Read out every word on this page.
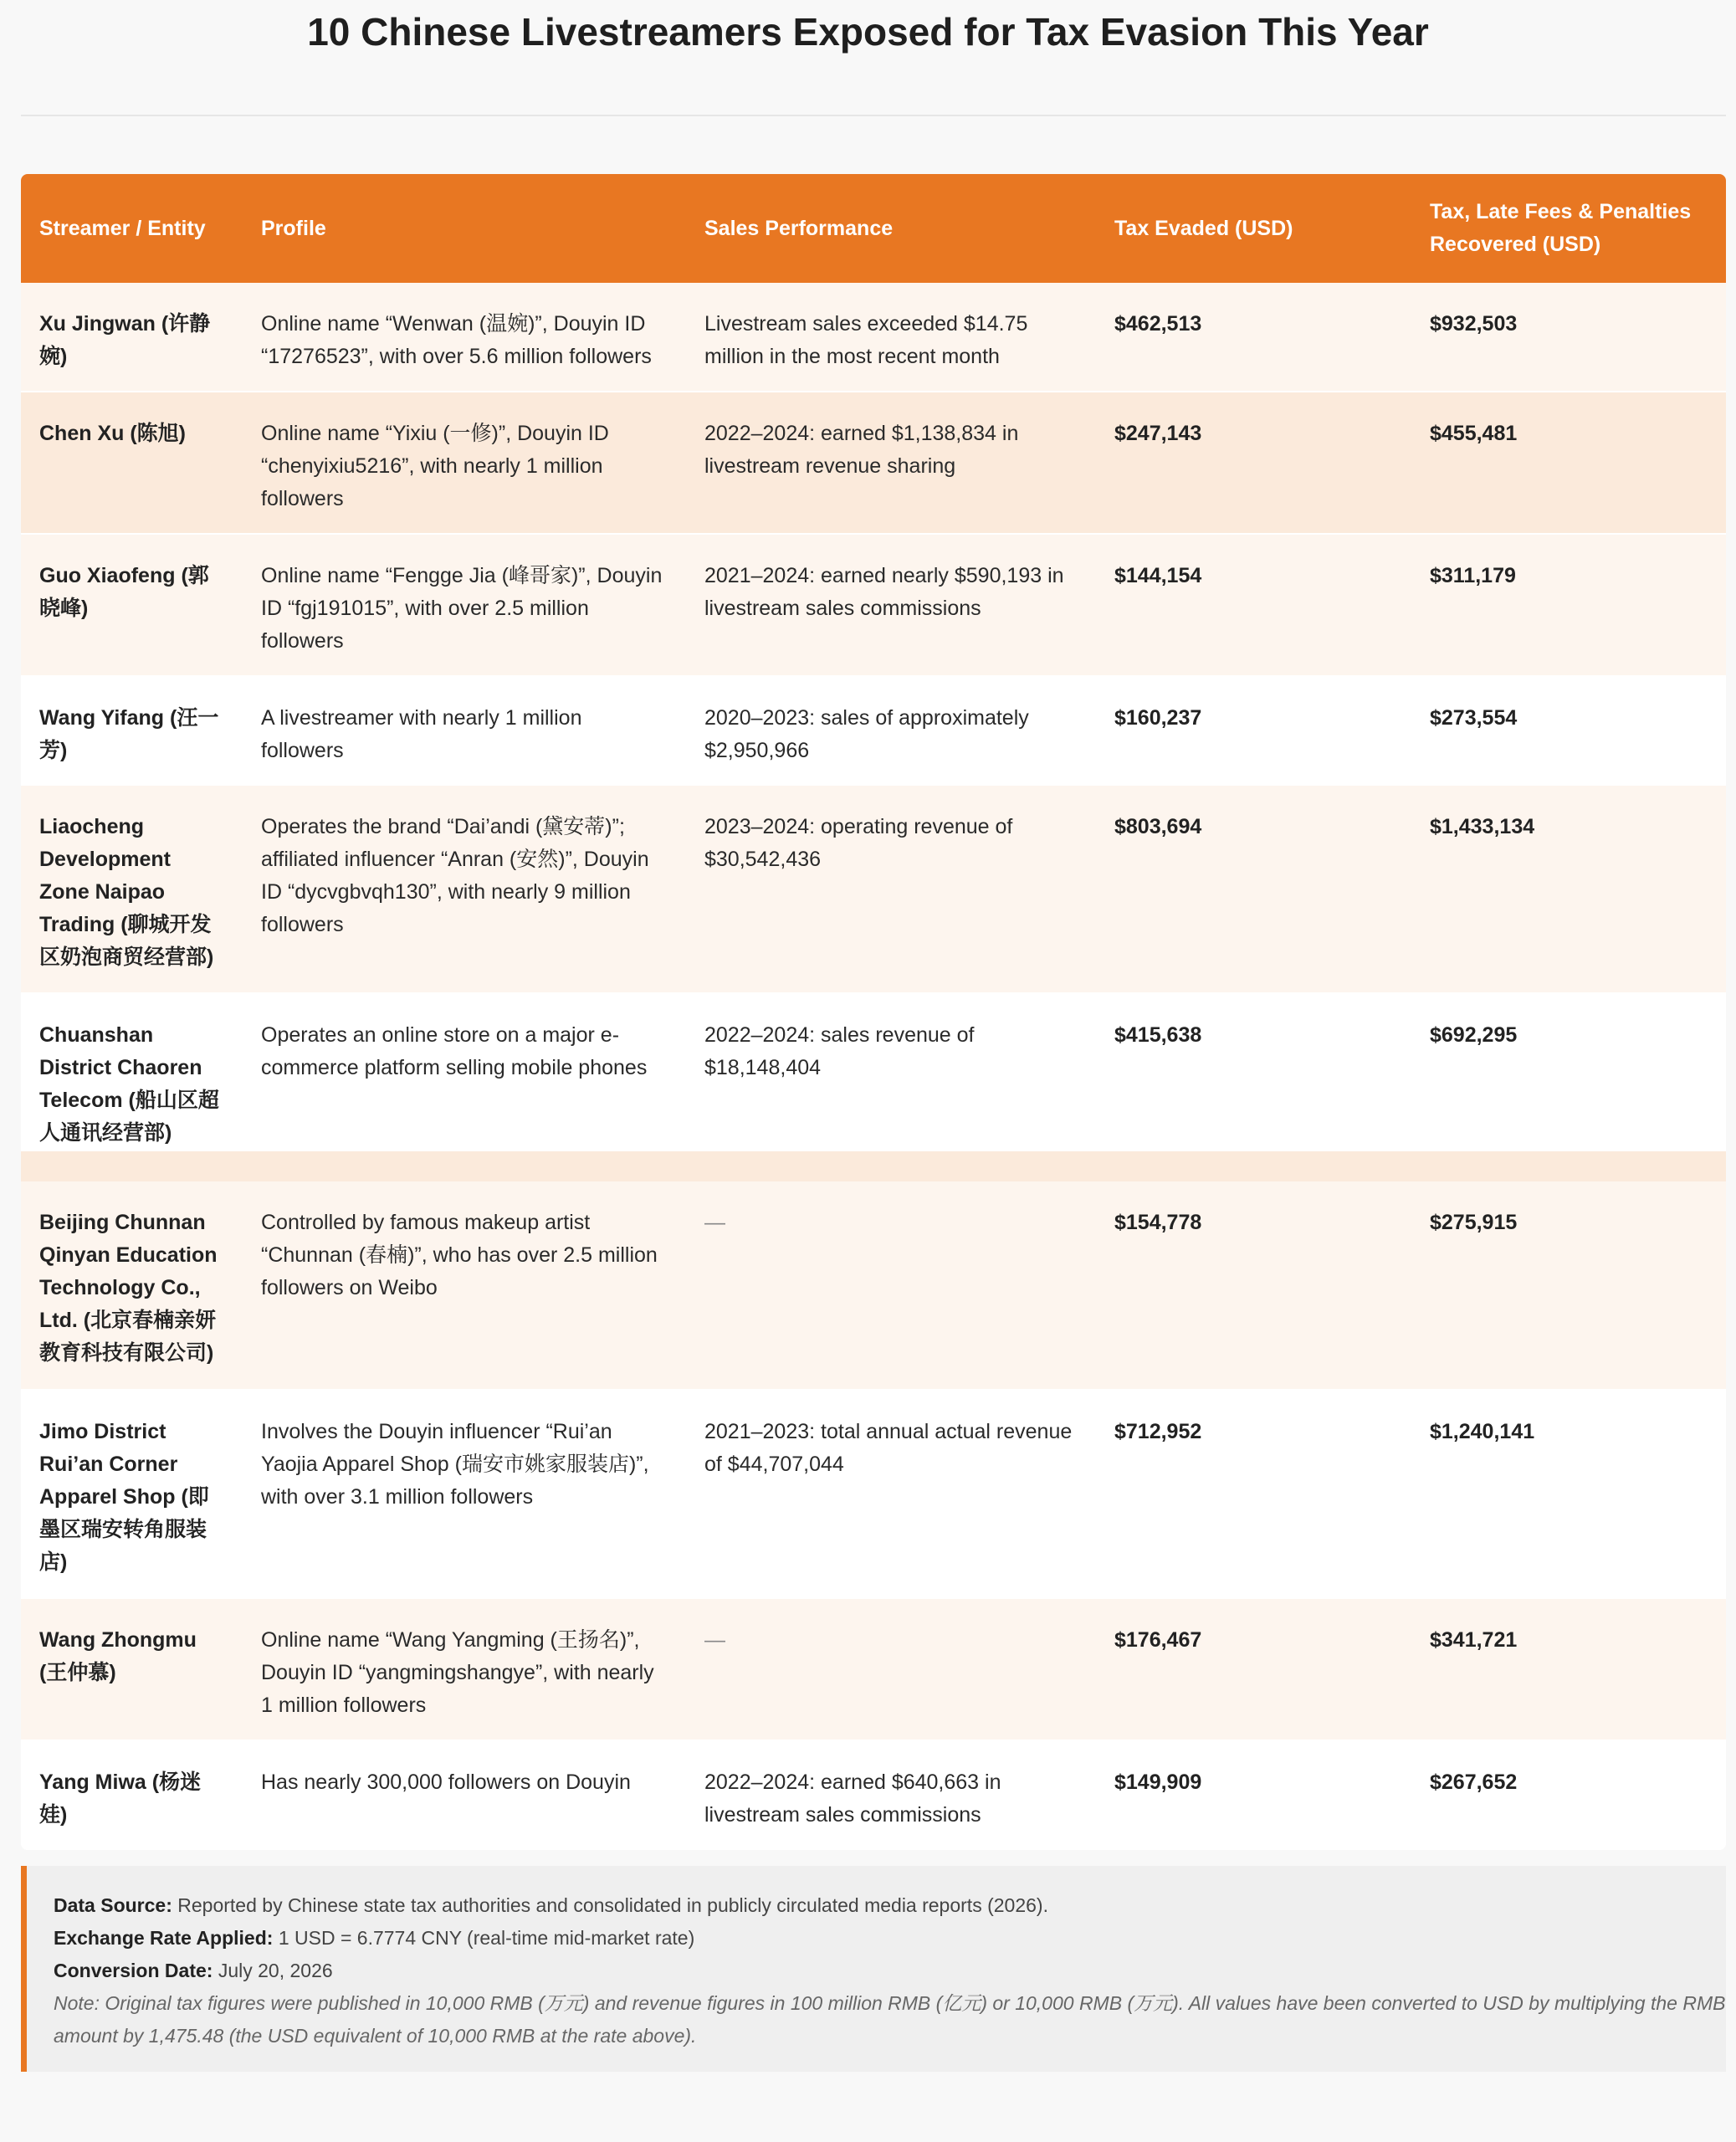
10 Chinese Livestreamers Exposed for Tax Evasion This Year
Streamer / Entity	Profile	Sales Performance	Tax Evaded (USD)	Tax, Late Fees & Penalties Recovered (USD)
Xu Jingwan (许静婉)	Online name “Wenwan (温婉)”, Douyin ID “17276523”, with over 5.6 million followers	Livestream sales exceeded $14.75 million in the most recent month	$462,513	$932,503
Chen Xu (陈旭)	Online name “Yixiu (一修)”, Douyin ID “chenyixiu5216”, with nearly 1 million followers	2022–2024: earned $1,138,834 in livestream revenue sharing	$247,143	$455,481
Guo Xiaofeng (郭晓峰)	Online name “Fengge Jia (峰哥家)”, Douyin ID “fgj191015”, with over 2.5 million followers	2021–2024: earned nearly $590,193 in livestream sales commissions	$144,154	$311,179
Wang Yifang (汪一芳)	A livestreamer with nearly 1 million followers	2020–2023: sales of approximately $2,950,966	$160,237	$273,554
Liaocheng Development Zone Naipao Trading (聊城开发区奶泡商贸经营部)	Operates the brand “Dai’andi (黛安蒂)”; affiliated influencer “Anran (安然)”, Douyin ID “dycvgbvqh130”, with nearly 9 million followers	2023–2024: operating revenue of $30,542,436	$803,694	$1,433,134
Chuanshan District Chaoren Telecom (船山区超人通讯经营部)	Operates an online store on a major e-commerce platform selling mobile phones	2022–2024: sales revenue of $18,148,404	$415,638	$692,295

Beijing Chunnan Qinyan Education Technology Co., Ltd. (北京春楠亲妍教育科技有限公司)	Controlled by famous makeup artist “Chunnan (春楠)”, who has over 2.5 million followers on Weibo	—	$154,778	$275,915
Jimo District Rui’an Corner Apparel Shop (即墨区瑞安转角服装店)	Involves the Douyin influencer “Rui’an Yaojia Apparel Shop (瑞安市姚家服装店)”, with over 3.1 million followers	2021–2023: total annual actual revenue of $44,707,044	$712,952	$1,240,141
Wang Zhongmu (王仲慕)	Online name “Wang Yangming (王扬名)”, Douyin ID “yangmingshangye”, with nearly 1 million followers	—	$176,467	$341,721
Yang Miwa (杨迷娃)	Has nearly 300,000 followers on Douyin	2022–2024: earned $640,663 in livestream sales commissions	$149,909	$267,652
Data Source: Reported by Chinese state tax authorities and consolidated in publicly circulated media reports (2026).
Exchange Rate Applied: 1 USD = 6.7774 CNY (real-time mid-market rate)
Conversion Date: July 20, 2026
Note: Original tax figures were published in 10,000 RMB (万元) and revenue figures in 100 million RMB (亿元) or 10,000 RMB (万元). All values have been converted to USD by multiplying the RMB amount by 1,475.48 (the USD equivalent of 10,000 RMB at the rate above).
